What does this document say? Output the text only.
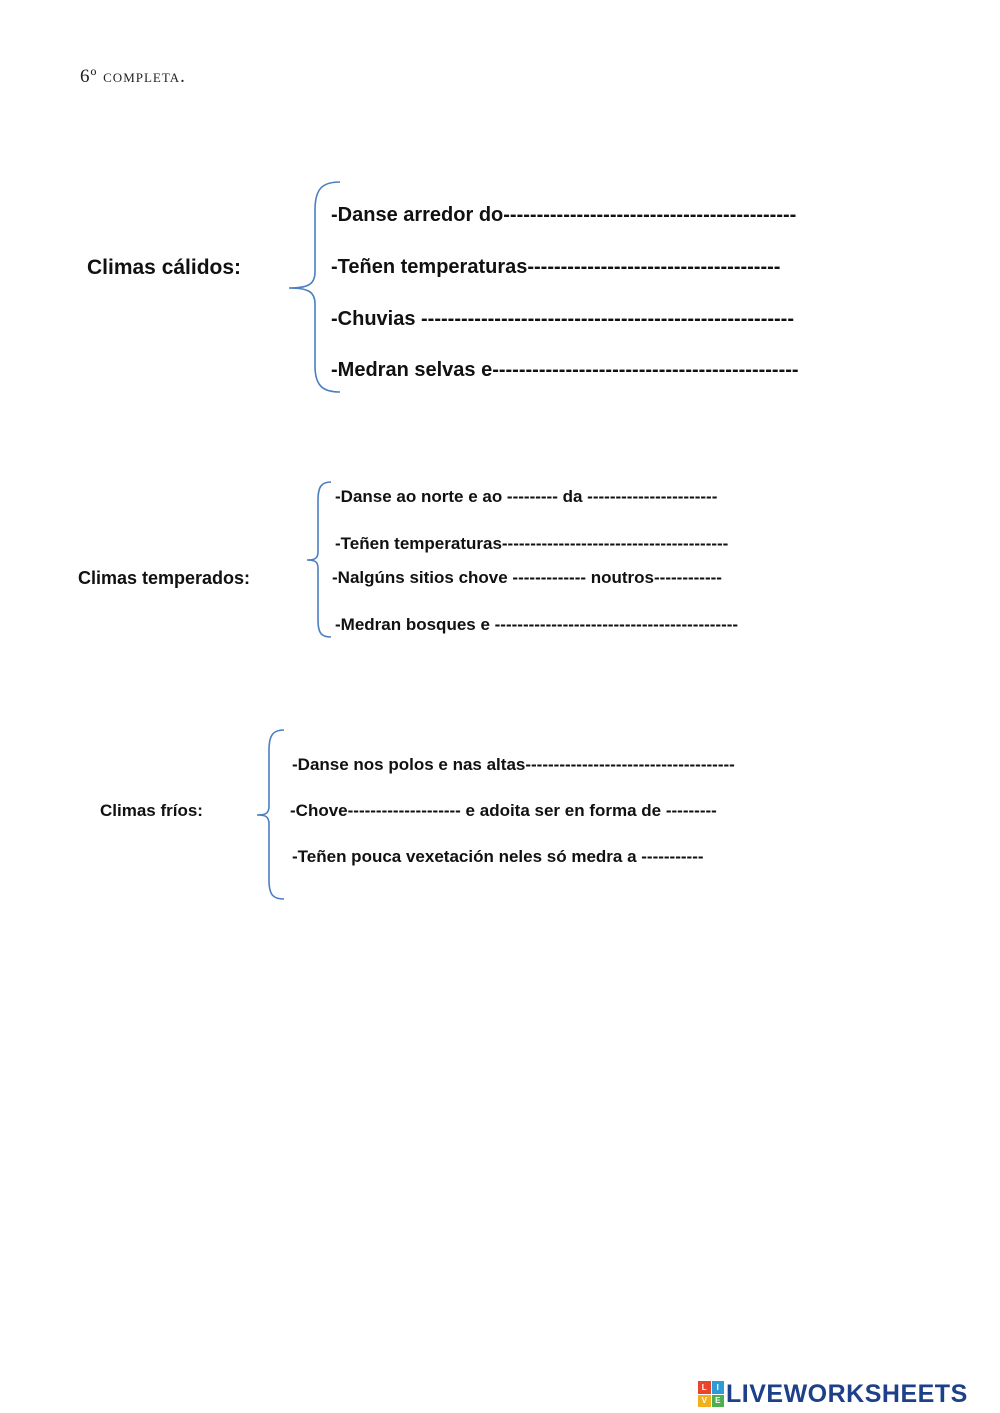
6º completa.
Climas cálidos:
-Danse arredor do--------------------------------------------
-Teñen temperaturas--------------------------------------
-Chuvias --------------------------------------------------------
-Medran selvas e----------------------------------------------
Climas temperados:
-Danse ao norte e ao --------- da -----------------------
-Teñen temperaturas----------------------------------------
-Nalgúns sitios chove ------------- noutros------------
-Medran bosques e -------------------------------------------
Climas fríos:
-Danse nos polos e nas altas-------------------------------------
-Chove-------------------- e adoita ser en forma de ---------
-Teñen pouca vexetación neles só medra a -----------
L	I
V	E LIVEWORKSHEETS
